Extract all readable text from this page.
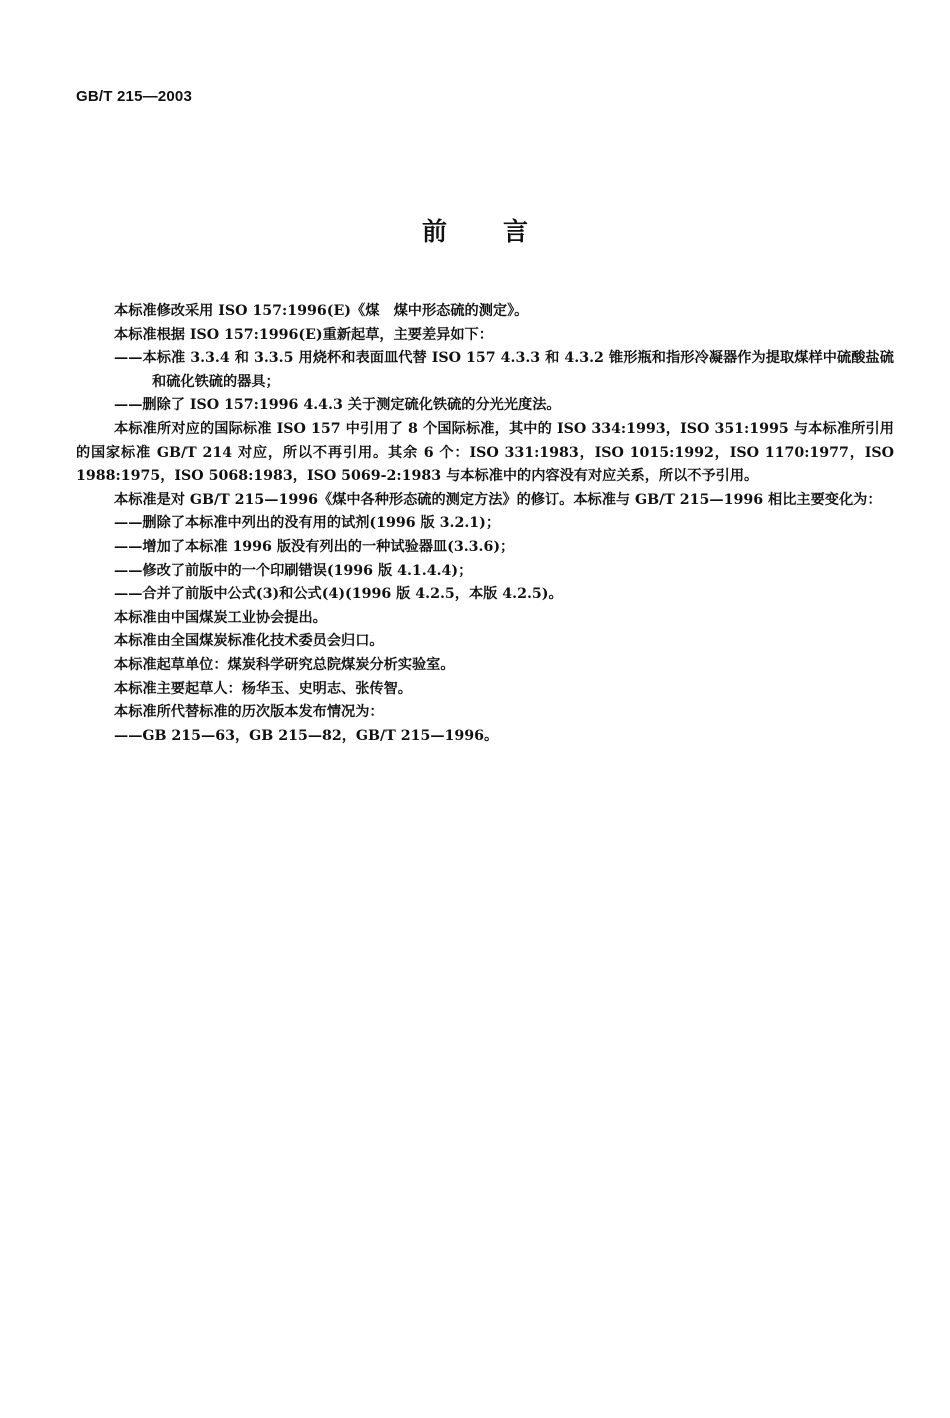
GB/T 215—2003
前言

本标准修改采用 ISO 157:1996(E)《煤　煤中形态硫的测定》。

本标准根据 ISO 157:1996(E)重新起草，主要差异如下：

——本标准 3.3.4 和 3.3.5 用烧杯和表面皿代替 ISO 157 4.3.3 和 4.3.2 锥形瓶和指形冷凝器作为提取煤样中硫酸盐硫和硫化铁硫的器具；

——删除了 ISO 157:1996 4.4.3 关于测定硫化铁硫的分光光度法。

本标准所对应的国际标准 ISO 157 中引用了 8 个国际标准，其中的 ISO 334:1993，ISO 351:1995 与本标准所引用的国家标准 GB/T 214 对应，所以不再引用。其余 6 个：ISO 331:1983，ISO 1015:1992，ISO 1170:1977，ISO 1988:1975，ISO 5068:1983，ISO 5069-2:1983 与本标准中的内容没有对应关系，所以不予引用。

本标准是对 GB/T 215—1996《煤中各种形态硫的测定方法》的修订。本标准与 GB/T 215—1996 相比主要变化为：

——删除了本标准中列出的没有用的试剂(1996 版 3.2.1)；

——增加了本标准 1996 版没有列出的一种试验器皿(3.3.6)；

——修改了前版中的一个印刷错误(1996 版 4.1.4.4)；

——合并了前版中公式(3)和公式(4)(1996 版 4.2.5，本版 4.2.5)。

本标准由中国煤炭工业协会提出。

本标准由全国煤炭标准化技术委员会归口。

本标准起草单位：煤炭科学研究总院煤炭分析实验室。

本标准主要起草人：杨华玉、史明志、张传智。

本标准所代替标准的历次版本发布情况为：

——GB 215—63，GB 215—82，GB/T 215—1996。
